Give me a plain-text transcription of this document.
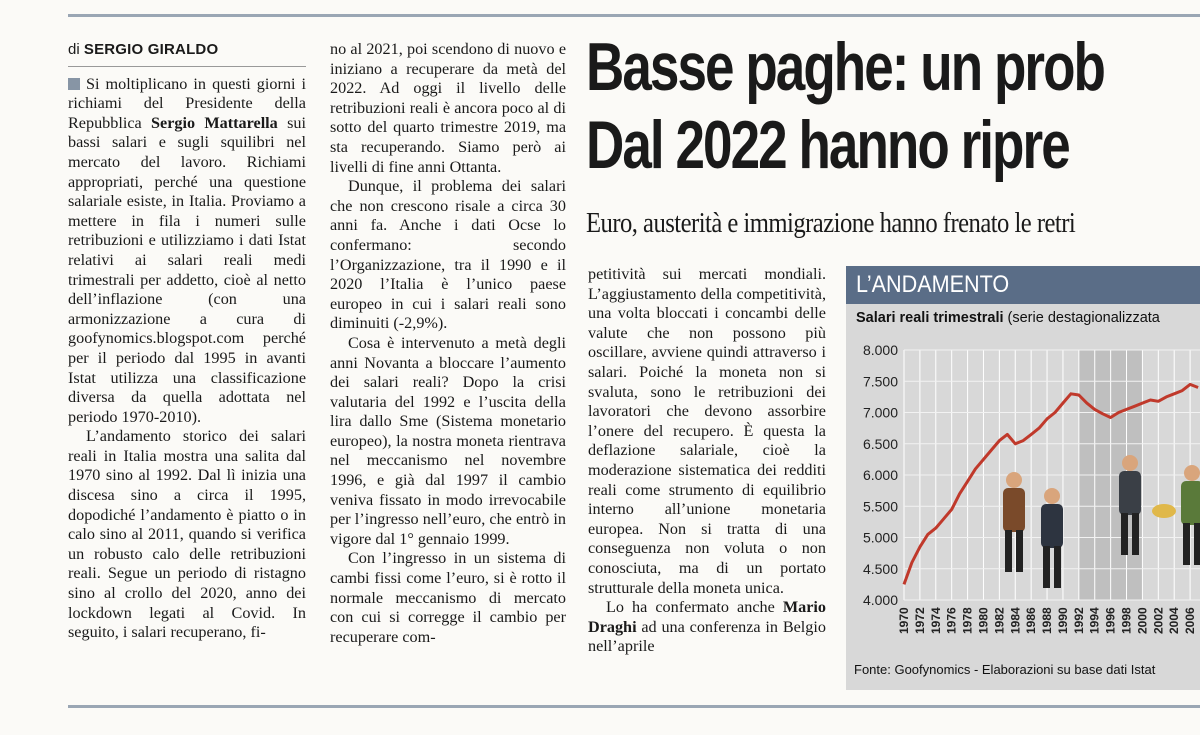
di SERGIO GIRALDO

Si moltiplicano in questi giorni i richiami del Presidente della Repubblica Sergio Mattarella sui bassi salari e sugli squilibri nel mercato del lavoro. Richiami appropriati, perché una questione salariale esiste, in Italia. Proviamo a mettere in fila i numeri sulle retribuzioni e utilizziamo i dati Istat relativi ai salari reali medi trimestrali per addetto, cioè al netto dell’inflazione (con una armonizzazione a cura di goofynomics.blogspot.com perché per il periodo dal 1995 in avanti Istat utilizza una classificazione diversa da quella adottata nel periodo 1970-2010).

L’andamento storico dei salari reali in Italia mostra una salita dal 1970 sino al 1992. Dal lì inizia una discesa sino a circa il 1995, dopodiché l’andamento è piatto o in calo sino al 2011, quando si verifica un robusto calo delle retribuzioni reali. Segue un periodo di ristagno sino al crollo del 2020, anno dei lockdown legati al Covid. In seguito, i salari recuperano, fi-

no al 2021, poi scendono di nuovo e iniziano a recuperare da metà del 2022. Ad oggi il livello delle retribuzioni reali è ancora poco al di sotto del quarto trimestre 2019, ma sta recuperando. Siamo però ai livelli di fine anni Ottanta.

Dunque, il problema dei salari che non crescono risale a circa 30 anni fa. Anche i dati Ocse lo confermano: secondo l’Organizzazione, tra il 1990 e il 2020 l’Italia è l’unico paese europeo in cui i salari reali sono diminuiti (-2,9%).

Cosa è intervenuto a metà degli anni Novanta a bloccare l’aumento dei salari reali? Dopo la crisi valutaria del 1992 e l’uscita della lira dallo Sme (Sistema monetario europeo), la nostra moneta rientrava nel meccanismo nel novembre 1996, e già dal 1997 il cambio veniva fissato in modo irrevocabile per l’ingresso nell’euro, che entrò in vigore dal 1° gennaio 1999.

Con l’ingresso in un sistema di cambi fissi come l’euro, si è rotto il normale meccanismo di mercato con cui si corregge il cambio per recuperare com-

Basse paghe: un prob
Dal 2022 hanno ripre
Euro, austerità e immigrazione hanno frenato le retri

petitività sui mercati mondiali. L’aggiustamento della competitività, una volta bloccati i concambi delle valute che non possono più oscillare, avviene quindi attraverso i salari. Poiché la moneta non si svaluta, sono le retribuzioni dei lavoratori che devono assorbire l’onere del recupero. È questa la deflazione salariale, cioè la moderazione sistematica dei redditi reali come strumento di equilibrio interno all’unione monetaria europea. Non si tratta di una conseguenza non voluta o non conosciuta, ma di un portato strutturale della moneta unica.

Lo ha confermato anche Mario Draghi ad una conferenza in Belgio nell’aprile

8.000
7.500
7.000
6.500
6.000
5.500
5.000
4.500
4.000
1970 1972 1974 1976 1978 1980 1982 1984 1986 1988 1990 1992 1994 1996 1998 2000 2002 2004 2006
L’ANDAMENTO
Salari reali trimestrali (serie destagionalizzata
Fonte: Goofynomics - Elaborazioni su base dati Istat
